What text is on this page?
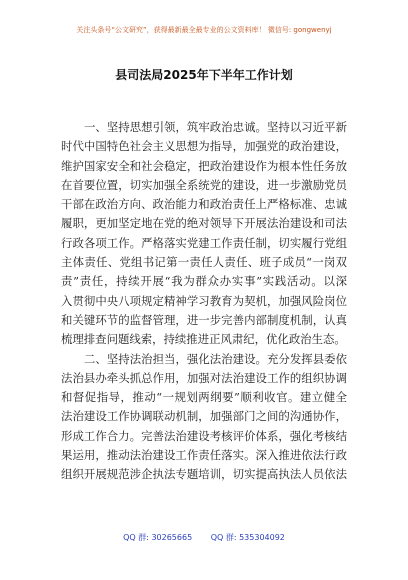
关注头条号“公文研究”，获得最新最全最专业的公文资料库！ 微信号: gongwenyj
县司法局2025年下半年工作计划
一、坚持思想引领，筑牢政治忠诚。坚持以习近平新
时代中国特色社会主义思想为指导，加强党的政治建设，
维护国家安全和社会稳定，把政治建设作为根本性任务放
在首要位置，切实加强全系统党的建设，进一步激励党员
干部在政治方向、政治能力和政治责任上严格标准、忠诚
履职，更加坚定地在党的绝对领导下开展法治建设和司法
行政各项工作。严格落实党建工作责任制，切实履行党组
主体责任、党组书记第一责任人责任、班子成员“一岗双
责”责任，持续开展“我为群众办实事”实践活动。以深
入贯彻中央八项规定精神学习教育为契机，加强风险岗位
和关键环节的监督管理，进一步完善内部制度机制，认真
梳理排查问题线索，持续推进正风肃纪，优化政治生态。
二、坚持法治担当，强化法治建设。充分发挥县委依
法治县办牵头抓总作用，加强对法治建设工作的组织协调
和督促指导，推动“一规划两纲要”顺利收官。建立健全
法治建设工作协调联动机制，加强部门之间的沟通协作，
形成工作合力。完善法治建设考核评价体系，强化考核结
果运用，推动法治建设工作责任落实。深入推进依法行政
组织开展规范涉企执法专题培训，切实提高执法人员依法
QQ 群: 30265665 QQ 群: 535304092
